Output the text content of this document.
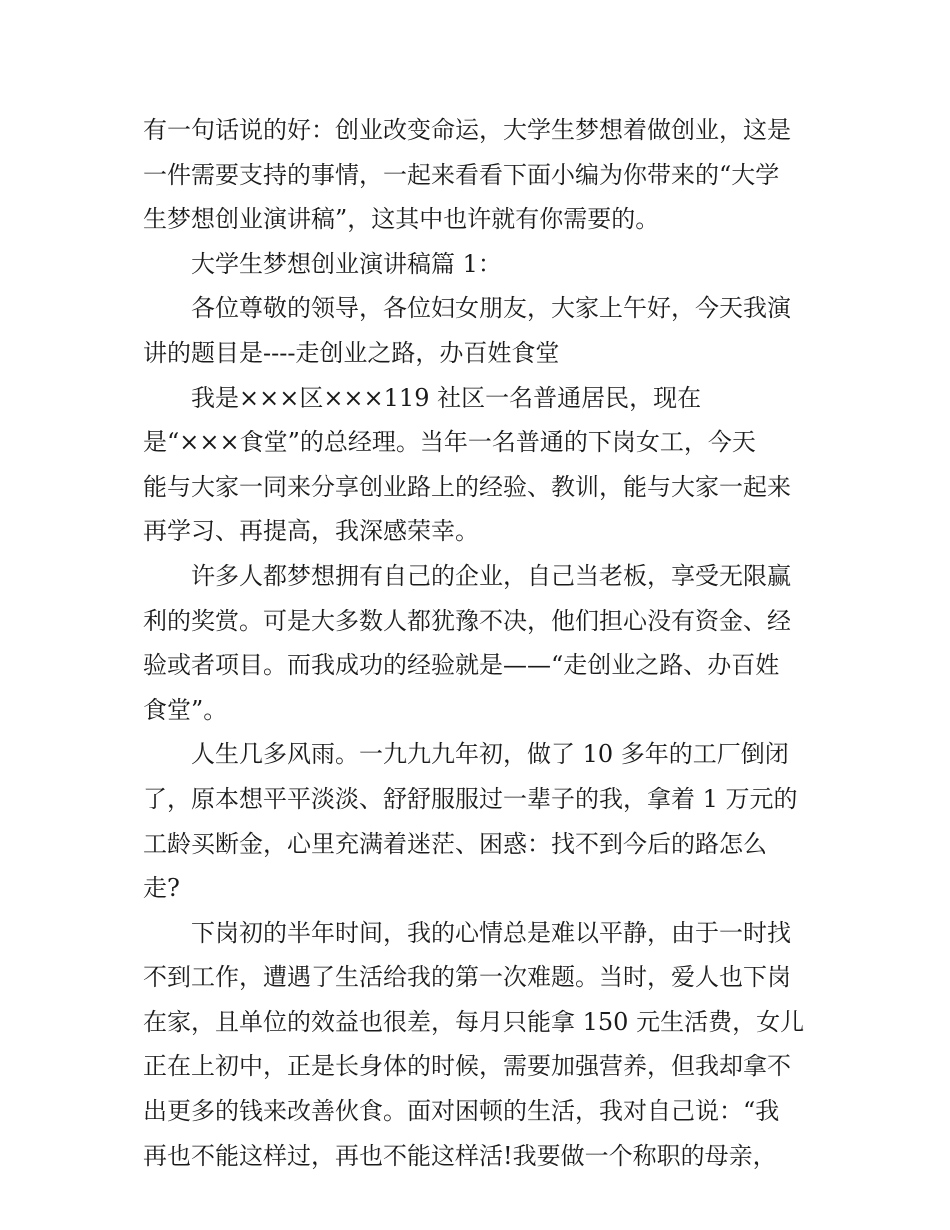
有一句话说的好：创业改变命运，大学生梦想着做创业，这是
一件需要支持的事情，一起来看看下面小编为你带来的“大学
生梦想创业演讲稿”，这其中也许就有你需要的。
大学生梦想创业演讲稿篇 1：
各位尊敬的领导，各位妇女朋友，大家上午好，今天我演
讲的题目是----走创业之路，办百姓食堂
我是×××区×××119 社区一名普通居民，现在
是“×××食堂”的总经理。当年一名普通的下岗女工，今天
能与大家一同来分享创业路上的经验、教训，能与大家一起来
再学习、再提高，我深感荣幸。
许多人都梦想拥有自己的企业，自己当老板，享受无限赢
利的奖赏。可是大多数人都犹豫不决，他们担心没有资金、经
验或者项目。而我成功的经验就是——“走创业之路、办百姓
食堂”。
人生几多风雨。一九九九年初，做了 10 多年的工厂倒闭
了，原本想平平淡淡、舒舒服服过一辈子的我，拿着 1 万元的
工龄买断金，心里充满着迷茫、困惑：找不到今后的路怎么
走?
下岗初的半年时间，我的心情总是难以平静，由于一时找
不到工作，遭遇了生活给我的第一次难题。当时，爱人也下岗
在家，且单位的效益也很差，每月只能拿 150 元生活费，女儿
正在上初中，正是长身体的时候，需要加强营养，但我却拿不
出更多的钱来改善伙食。面对困顿的生活，我对自己说：“我
再也不能这样过，再也不能这样活!我要做一个称职的母亲，
